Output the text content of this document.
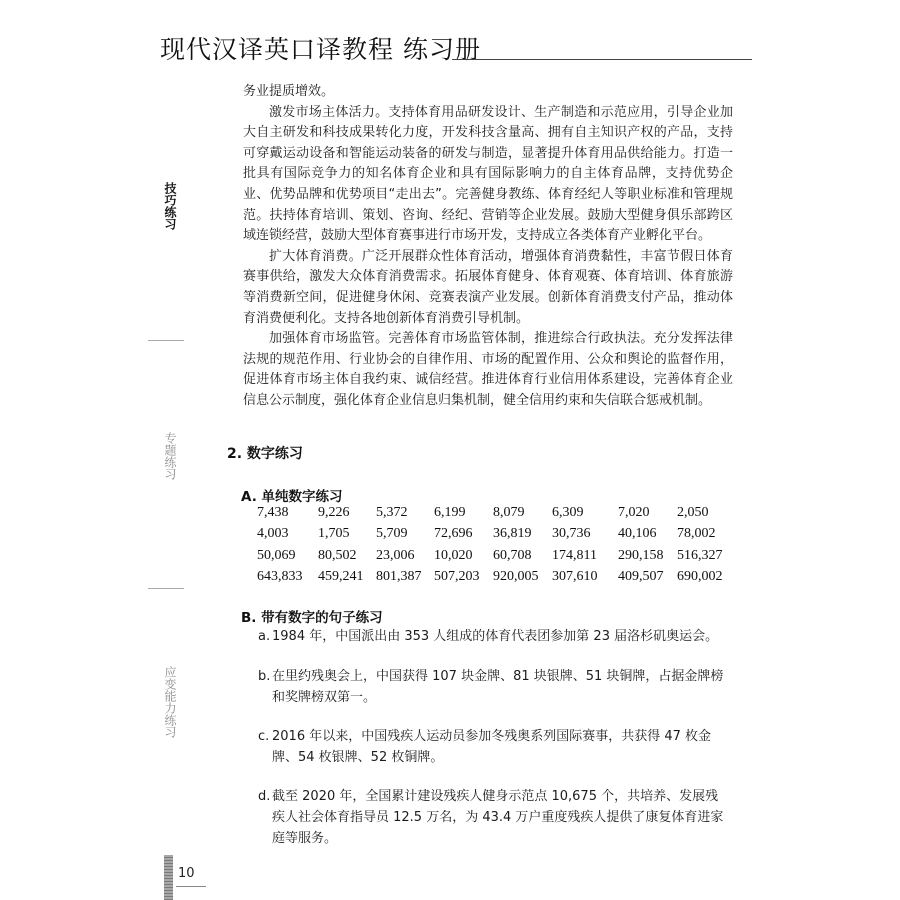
现代汉译英口译教程 练习册
技巧练习
专题练习
应变能力练习
10

务业提质增效。

激发市场主体活力。支持体育用品研发设计、生产制造和示范应用，引导企业加大自主研发和科技成果转化力度，开发科技含量高、拥有自主知识产权的产品，支持可穿戴运动设备和智能运动装备的研发与制造，显著提升体育用品供给能力。打造一批具有国际竞争力的知名体育企业和具有国际影响力的自主体育品牌，支持优势企业、优势品牌和优势项目“走出去”。完善健身教练、体育经纪人等职业标准和管理规范。扶持体育培训、策划、咨询、经纪、营销等企业发展。鼓励大型健身俱乐部跨区域连锁经营，鼓励大型体育赛事进行市场开发，支持成立各类体育产业孵化平台。

扩大体育消费。广泛开展群众性体育活动，增强体育消费黏性，丰富节假日体育赛事供给，激发大众体育消费需求。拓展体育健身、体育观赛、体育培训、体育旅游等消费新空间，促进健身休闲、竞赛表演产业发展。创新体育消费支付产品，推动体育消费便利化。支持各地创新体育消费引导机制。

加强体育市场监管。完善体育市场监管体制，推进综合行政执法。充分发挥法律法规的规范作用、行业协会的自律作用、市场的配置作用、公众和舆论的监督作用，促进体育市场主体自我约束、诚信经营。推进体育行业信用体系建设，完善体育企业信息公示制度，强化体育企业信息归集机制，健全信用约束和失信联合惩戒机制。

2. 数字练习
A. 单纯数字练习
7,438	9,226	5,372	6,199	8,079	6,309	7,020	2,050
4,003	1,705	5,709	72,696	36,819	30,736	40,106	78,002
50,069	80,502	23,006	10,020	60,708	174,811	290,158	516,327
643,833	459,241	801,387	507,203	920,005	307,610	409,507	690,002
B. 带有数字的句子练习
a. 1984 年，中国派出由 353 人组成的体育代表团参加第 23 届洛杉矶奥运会。
b. 在里约残奥会上，中国获得 107 块金牌、81 块银牌、51 块铜牌，占据金牌榜
和奖牌榜双第一。
c. 2016 年以来，中国残疾人运动员参加冬残奥系列国际赛事，共获得 47 枚金
牌、54 枚银牌、52 枚铜牌。
d. 截至 2020 年，全国累计建设残疾人健身示范点 10,675 个，共培养、发展残
疾人社会体育指导员 12.5 万名，为 43.4 万户重度残疾人提供了康复体育进家
庭等服务。
